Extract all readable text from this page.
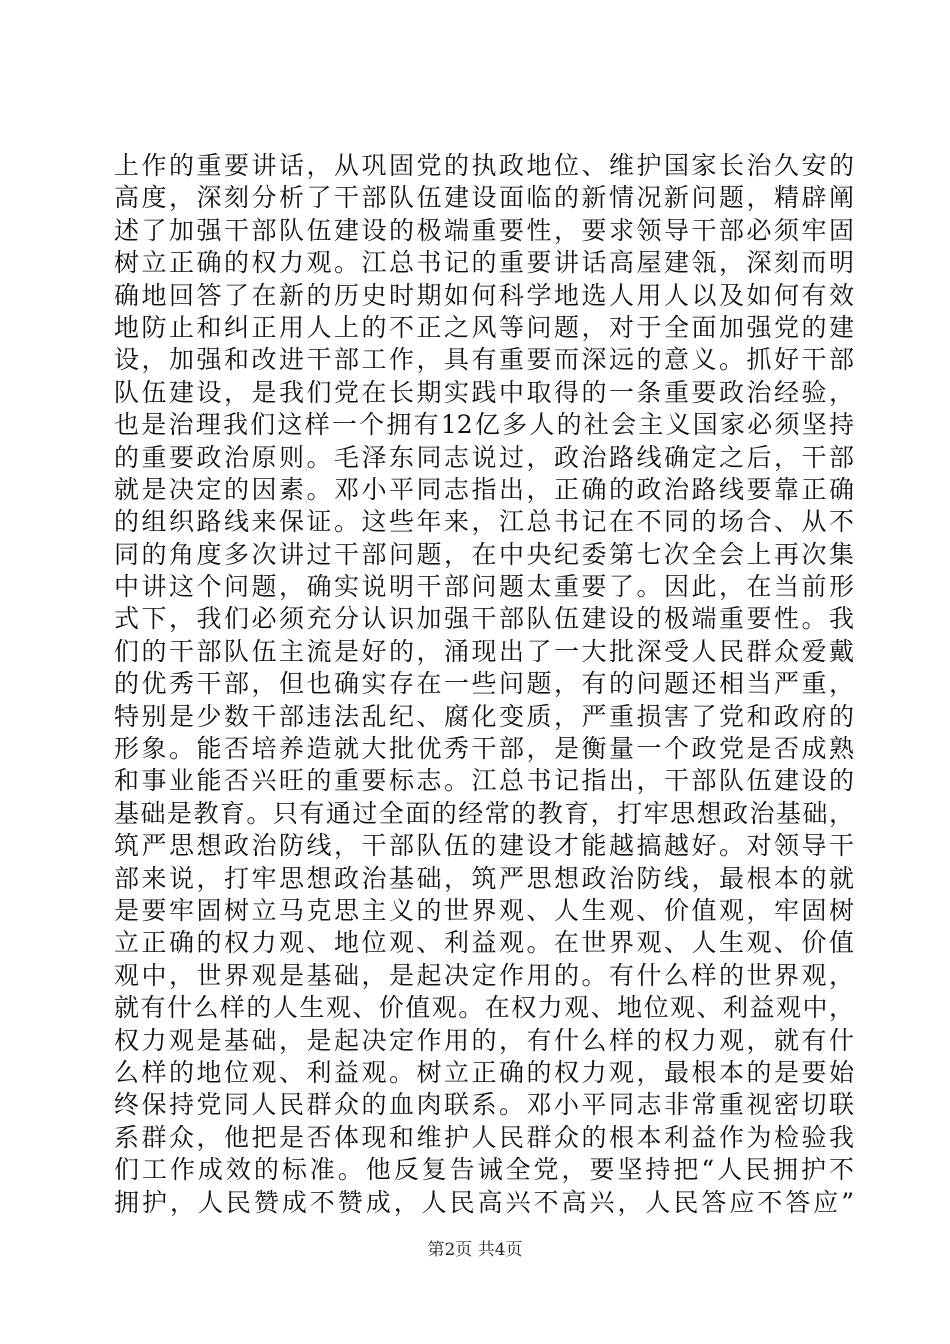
上作的重要讲话，从巩固党的执政地位、维护国家长治久安的
高度，深刻分析了干部队伍建设面临的新情况新问题，精辟阐
述了加强干部队伍建设的极端重要性，要求领导干部必须牢固
树立正确的权力观。江总书记的重要讲话高屋建瓴，深刻而明
确地回答了在新的历史时期如何科学地选人用人以及如何有效
地防止和纠正用人上的不正之风等问题，对于全面加强党的建
设，加强和改进干部工作，具有重要而深远的意义。抓好干部
队伍建设，是我们党在长期实践中取得的一条重要政治经验，
也是治理我们这样一个拥有12亿多人的社会主义国家必须坚持
的重要政治原则。毛泽东同志说过，政治路线确定之后，干部
就是决定的因素。邓小平同志指出，正确的政治路线要靠正确
的组织路线来保证。这些年来，江总书记在不同的场合、从不
同的角度多次讲过干部问题，在中央纪委第七次全会上再次集
中讲这个问题，确实说明干部问题太重要了。因此，在当前形
式下，我们必须充分认识加强干部队伍建设的极端重要性。我
们的干部队伍主流是好的，涌现出了一大批深受人民群众爱戴
的优秀干部，但也确实存在一些问题，有的问题还相当严重，
特别是少数干部违法乱纪、腐化变质，严重损害了党和政府的
形象。能否培养造就大批优秀干部，是衡量一个政党是否成熟
和事业能否兴旺的重要标志。江总书记指出，干部队伍建设的
基础是教育。只有通过全面的经常的教育，打牢思想政治基础，
筑严思想政治防线，干部队伍的建设才能越搞越好。对领导干
部来说，打牢思想政治基础，筑严思想政治防线，最根本的就
是要牢固树立马克思主义的世界观、人生观、价值观，牢固树
立正确的权力观、地位观、利益观。在世界观、人生观、价值
观中，世界观是基础，是起决定作用的。有什么样的世界观，
就有什么样的人生观、价值观。在权力观、地位观、利益观中，
权力观是基础，是起决定作用的，有什么样的权力观，就有什
么样的地位观、利益观。树立正确的权力观，最根本的是要始
终保持党同人民群众的血肉联系。邓小平同志非常重视密切联
系群众，他把是否体现和维护人民群众的根本利益作为检验我
们工作成效的标准。他反复告诫全党，要坚持把“人民拥护不
拥护，人民赞成不赞成，人民高兴不高兴，人民答应不答应”
第2页 共4页
